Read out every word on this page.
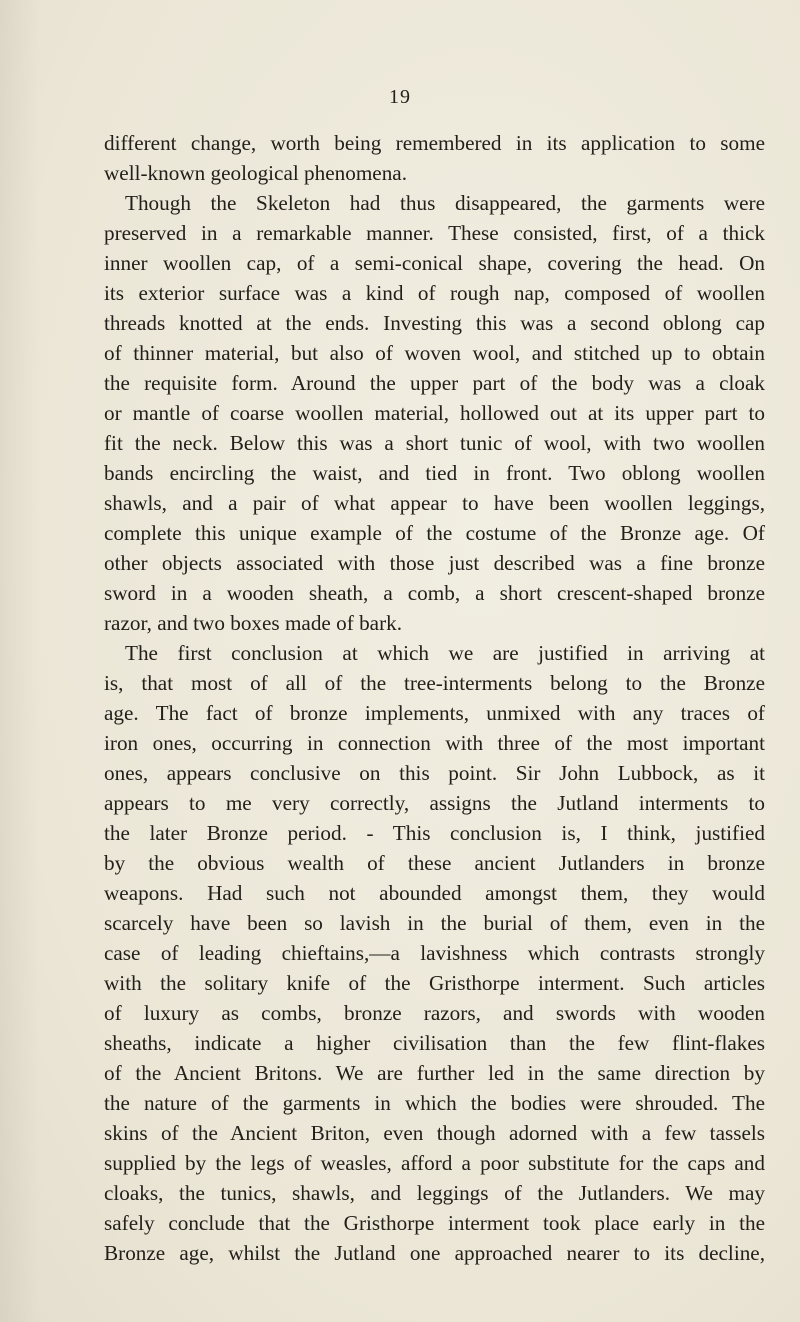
19
different change, worth being remembered in its application to some
well-known geological phenomena.
Though the Skeleton had thus disappeared, the garments were
preserved in a remarkable manner. These consisted, first, of a thick
inner woollen cap, of a semi-conical shape, covering the head. On
its exterior surface was a kind of rough nap, composed of woollen
threads knotted at the ends. Investing this was a second oblong cap
of thinner material, but also of woven wool, and stitched up to obtain
the requisite form. Around the upper part of the body was a cloak
or mantle of coarse woollen material, hollowed out at its upper part to
fit the neck. Below this was a short tunic of wool, with two woollen
bands encircling the waist, and tied in front. Two oblong woollen
shawls, and a pair of what appear to have been woollen leggings,
complete this unique example of the costume of the Bronze age. Of
other objects associated with those just described was a fine bronze
sword in a wooden sheath, a comb, a short crescent-shaped bronze
razor, and two boxes made of bark.
The first conclusion at which we are justified in arriving at
is, that most of all of the tree-interments belong to the Bronze
age. The fact of bronze implements, unmixed with any traces of
iron ones, occurring in connection with three of the most important
ones, appears conclusive on this point. Sir John Lubbock, as it
appears to me very correctly, assigns the Jutland interments to
the later Bronze period. - This conclusion is, I think, justified
by the obvious wealth of these ancient Jutlanders in bronze
weapons. Had such not abounded amongst them, they would
scarcely have been so lavish in the burial of them, even in the
case of leading chieftains,—a lavishness which contrasts strongly
with the solitary knife of the Gristhorpe interment. Such articles
of luxury as combs, bronze razors, and swords with wooden
sheaths, indicate a higher civilisation than the few flint-flakes
of the Ancient Britons. We are further led in the same direction by
the nature of the garments in which the bodies were shrouded. The
skins of the Ancient Briton, even though adorned with a few tassels
supplied by the legs of weasles, afford a poor substitute for the caps and
cloaks, the tunics, shawls, and leggings of the Jutlanders. We may
safely conclude that the Gristhorpe interment took place early in the
Bronze age, whilst the Jutland one approached nearer to its decline,
